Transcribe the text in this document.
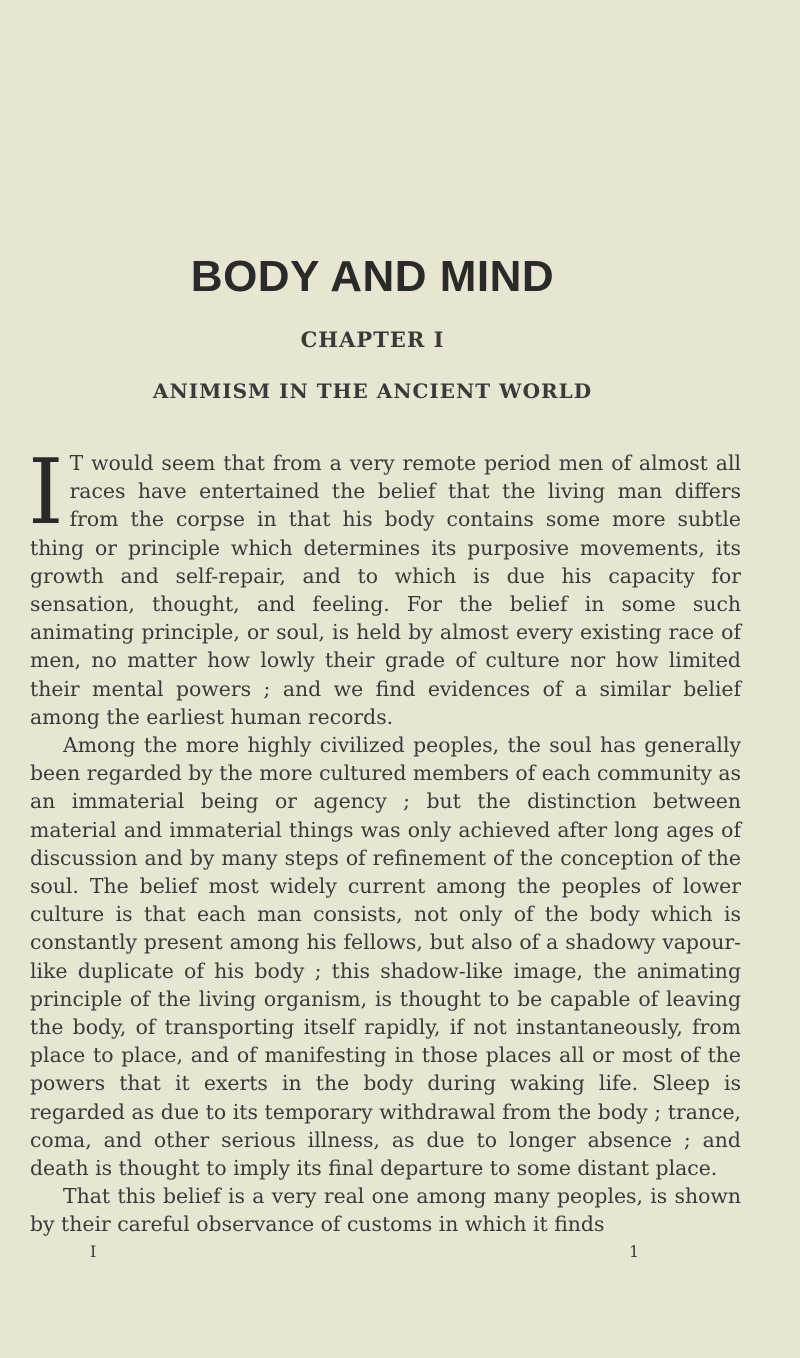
BODY AND MIND
CHAPTER I
ANIMISM IN THE ANCIENT WORLD

I T would seem that from a very remote period men of almost all races have entertained the belief that the living man differs from the corpse in that his body contains some more subtle thing or principle which determines its purposive movements, its growth and self-repair, and to which is due his capacity for sensation, thought, and feeling. For the belief in some such animating principle, or soul, is held by almost every existing race of men, no matter how lowly their grade of culture nor how limited their mental powers ; and we find evidences of a similar belief among the earliest human records.

Among the more highly civilized peoples, the soul has generally been regarded by the more cultured members of each community as an immaterial being or agency ; but the distinction between material and immaterial things was only achieved after long ages of discussion and by many steps of refinement of the conception of the soul. The belief most widely current among the peoples of lower culture is that each man consists, not only of the body which is constantly present among his fellows, but also of a shadowy vapour-like duplicate of his body ; this shadow-like image, the animating principle of the living organism, is thought to be capable of leaving the body, of transporting itself rapidly, if not instantaneously, from place to place, and of manifesting in those places all or most of the powers that it exerts in the body during waking life. Sleep is regarded as due to its temporary withdrawal from the body ; trance, coma, and other serious illness, as due to longer absence ; and death is thought to imply its final departure to some distant place.

That this belief is a very real one among many peoples, is shown by their careful observance of customs in which it finds

I	1
